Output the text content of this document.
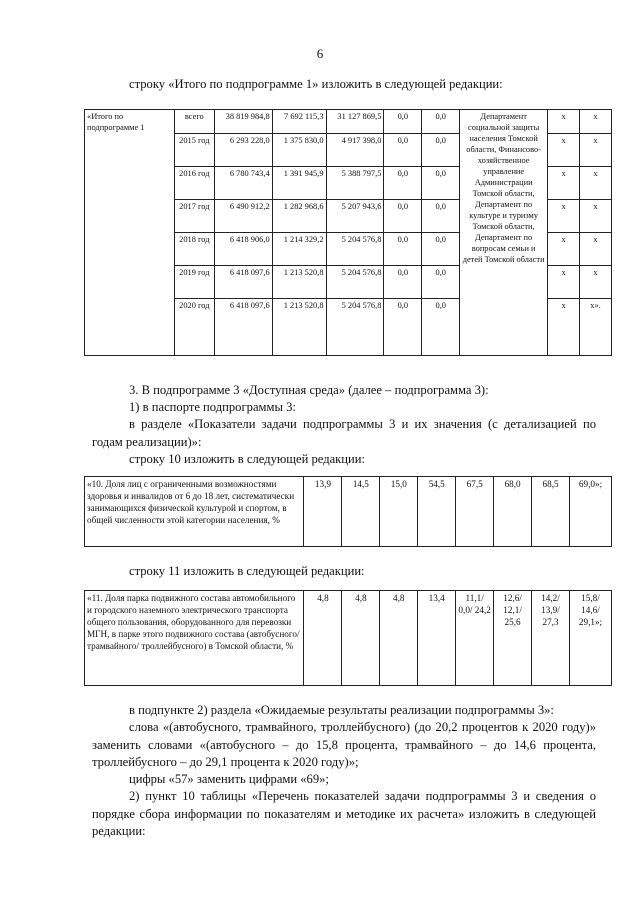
6
строку «Итого по подпрограмме 1» изложить в следующей редакции:
«Итого по подпрограмме 1	всего	38 819 984,8	7 692 115,3	31 127 869,5	0,0	0,0	Департамент социальной защиты населения Томской области, Финансово-хозяйственное управление Администрации Томской области, Департамент по культуре и туризму Томской области, Департамент по вопросам семьи и детей Томской области	х	х
	2015 год	6 293 228,0	1 375 830,0	4 917 398,0	0,0	0,0		х	х
	2016 год	6 780 743,4	1 391 945,9	5 388 797,5	0,0	0,0		х	х
	2017 год	6 490 912,2	1 282 968,6	5 207 943,6	0,0	0,0		х	х
	2018 год	6 418 906,0	1 214 329,2	5 204 576,8	0,0	0,0		х	х
	2019 год	6 418 097,6	1 213 520,8	5 204 576,8	0,0	0,0		х	х
	2020 год	6 418 097,6	1 213 520,8	5 204 576,8	0,0	0,0		х	х».
3. В подпрограмме 3 «Доступная среда» (далее – подпрограмма 3):
1) в паспорте подпрограммы 3:
в разделе «Показатели задачи подпрограммы 3 и их значения (с детализацией по годам реализации)»:
строку 10 изложить в следующей редакции:
«10. Доля лиц с ограниченными возможностями здоровья и инвалидов от 6 до 18 лет, систематически занимающихся физической культурой и спортом, в общей численности этой категории населения, %	13,9	14,5	15,0	54,5	67,5	68,0	68,5	69,0»;
строку 11 изложить в следующей редакции:
«11. Доля парка подвижного состава автомобильного и городского наземного электрического транспорта общего пользования, оборудованного для перевозки МГН, в парке этого подвижного состава (автобусного/ трамвайного/ троллейбусного) в Томской области, %	4,8	4,8	4,8	13,4	11,1/ 0,0/ 24,2	12,6/ 12,1/ 25,6	14,2/ 13,9/ 27,3	15,8/ 14,6/ 29,1»;
в подпункте 2) раздела «Ожидаемые результаты реализации подпрограммы 3»:
слова «(автобусного, трамвайного, троллейбусного) (до 20,2 процентов к 2020 году)» заменить словами «(автобусного – до 15,8 процента, трамвайного – до 14,6 процента, троллейбусного – до 29,1 процента к 2020 году)»;
цифры «57» заменить цифрами «69»;
2) пункт 10 таблицы «Перечень показателей задачи подпрограммы 3 и сведения о порядке сбора информации по показателям и методике их расчета» изложить в следующей редакции:
